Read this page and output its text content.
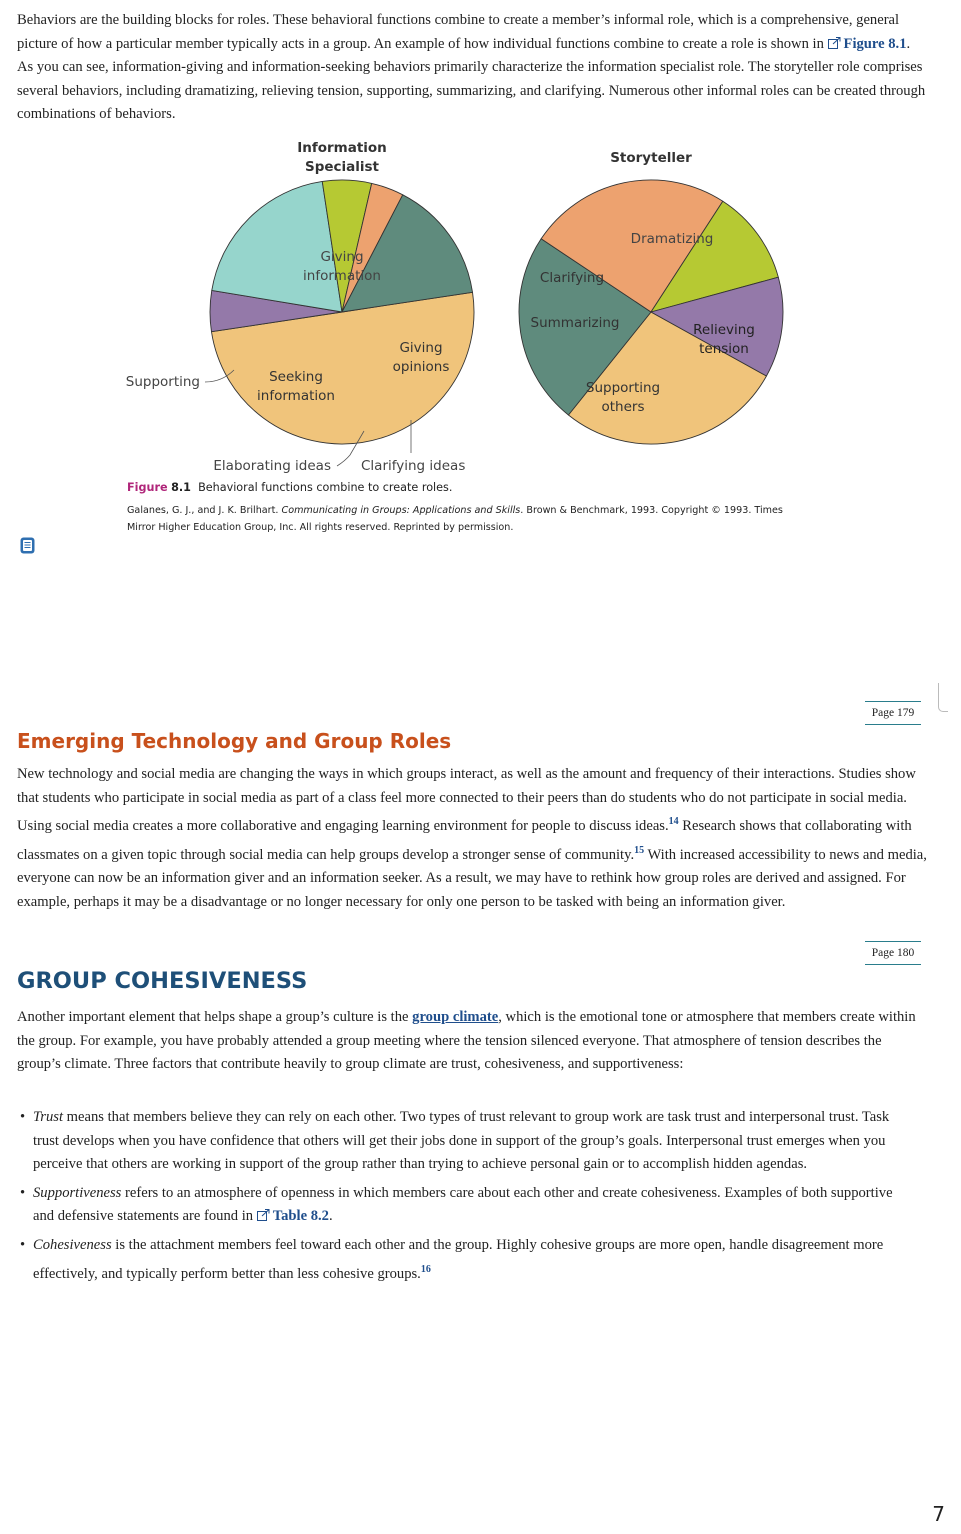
Behaviors are the building blocks for roles. These behavioral functions combine to create a member’s informal role, which is a comprehensive, general picture of how a particular member typically acts in a group. An example of how individual functions combine to create a role is shown in Figure 8.1. As you can see, information-giving and information-seeking behaviors primarily characterize the information specialist role. The storyteller role comprises several behaviors, including dramatizing, relieving tension, supporting, summarizing, and clarifying. Numerous other informal roles can be created through combinations of behaviors.

Information
Specialist
Storyteller
Giving
information
Supporting	Seeking
information
Elaborating ideas Clarifying ideas
Giving
opinions
Dramatizing
Relieving
tension
Supporting
others
Summarizing
Clarifying

Figure 8.1 Behavioral functions combine to create roles.

Galanes, G. J., and J. K. Brilhart. Communicating in Groups: Applications and Skills. Brown & Benchmark, 1993. Copyright © 1993. Times Mirror Higher Education Group, Inc. All rights reserved. Reprinted by permission.

Page 179
Emerging Technology and Group Roles

New technology and social media are changing the ways in which groups interact, as well as the amount and frequency of their interactions. Studies show that students who participate in social media as part of a class feel more connected to their peers than do students who do not participate in social media. Using social media creates a more collaborative and engaging learning environment for people to discuss ideas.$^{14}$ Research shows that collaborating with classmates on a given topic through social media can help groups develop a stronger sense of community.$^{15}$ With increased accessibility to news and media, everyone can now be an information giver and an information seeker. As a result, we may have to rethink how group roles are derived and assigned. For example, perhaps it may be a disadvantage or no longer necessary for only one person to be tasked with being an information giver.

Page 180
GROUP COHESIVENESS

Another important element that helps shape a group’s culture is the group climate, which is the emotional tone or atmosphere that members create within the group. For example, you have probably attended a group meeting where the tension silenced everyone. That atmosphere of tension describes the group’s climate. Three factors that contribute heavily to group climate are trust, cohesiveness, and supportiveness:

• Trust means that members believe they can rely on each other. Two types of trust relevant to group work are task trust and interpersonal trust. Task trust develops when you have confidence that others will get their jobs done in support of the group’s goals. Interpersonal trust emerges when you perceive that others are working in support of the group rather than trying to achieve personal gain or to accomplish hidden agendas.
• Supportiveness refers to an atmosphere of openness in which members care about each other and create cohesiveness. Examples of both supportive and defensive statements are found in Table 8.2.
• Cohesiveness is the attachment members feel toward each other and the group. Highly cohesive groups are more open, handle disagreement more effectively, and typically perform better than less cohesive groups.$^{16}$
7
